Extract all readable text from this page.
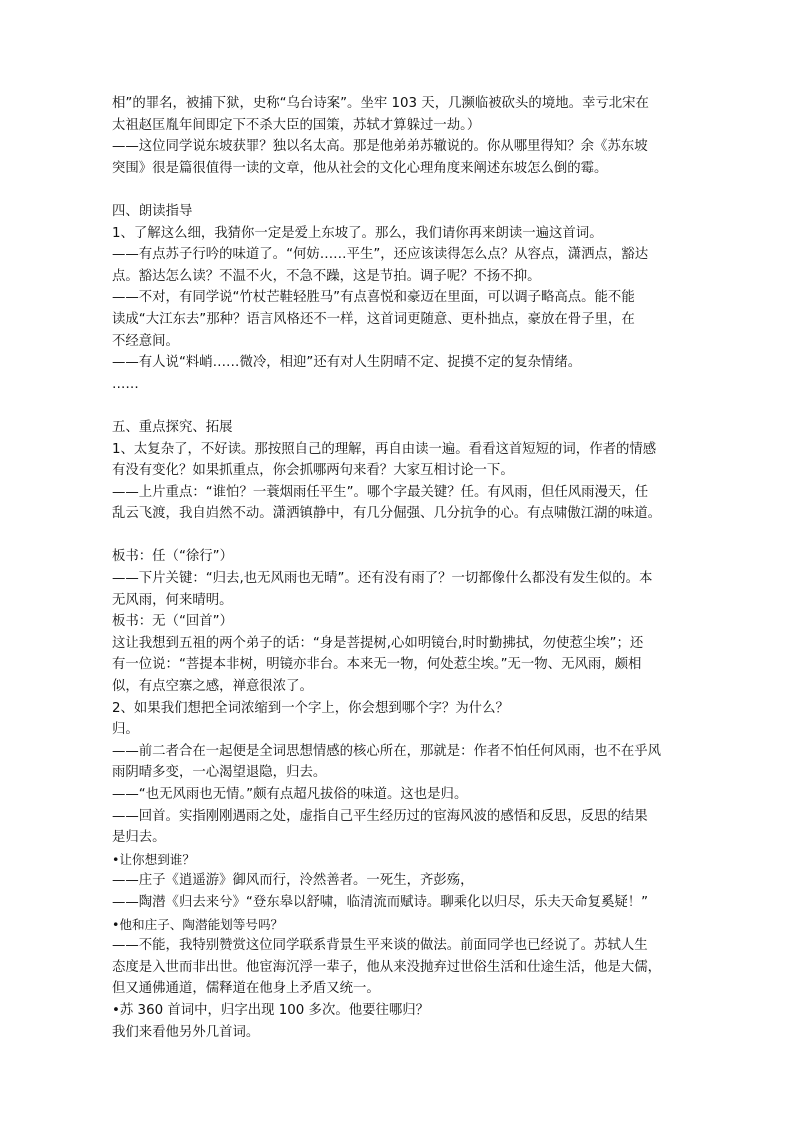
相”的罪名，被捕下狱，史称“乌台诗案”。坐牢 103 天，几濒临被砍头的境地。幸亏北宋在
太祖赵匡胤年间即定下不杀大臣的国策，苏轼才算躲过一劫。）
——这位同学说东坡获罪？独以名太高。那是他弟弟苏辙说的。你从哪里得知？余《苏东坡
突围》很是篇很值得一读的文章，他从社会的文化心理角度来阐述东坡怎么倒的霉。
四、朗读指导
1、了解这么细，我猜你一定是爱上东坡了。那么，我们请你再来朗读一遍这首词。
——有点苏子行吟的味道了。“何妨……平生”，还应该读得怎么点？从容点，潇洒点，豁达
点。豁达怎么读？不温不火，不急不躁，这是节拍。调子呢？不扬不抑。
——不对，有同学说“竹杖芒鞋轻胜马”有点喜悦和豪迈在里面，可以调子略高点。能不能
读成“大江东去”那种？语言风格还不一样，这首词更随意、更朴拙点，豪放在骨子里，在
不经意间。
——有人说“料峭……微冷，相迎”还有对人生阴晴不定、捉摸不定的复杂情绪。
……
五、重点探究、拓展
1、太复杂了，不好读。那按照自己的理解，再自由读一遍。看看这首短短的词，作者的情感
有没有变化？如果抓重点，你会抓哪两句来看？大家互相讨论一下。
——上片重点：“谁怕？一蓑烟雨任平生”。哪个字最关键？任。有风雨，但任风雨漫天，任
乱云飞渡，我自岿然不动。潇洒镇静中，有几分倔强、几分抗争的心。有点啸傲江湖的味道。
板书：任（“徐行”）
——下片关键：“归去,也无风雨也无晴”。还有没有雨了？一切都像什么都没有发生似的。本
无风雨，何来晴明。
板书：无（“回首”）
这让我想到五祖的两个弟子的话：“身是菩提树,心如明镜台,时时勤拂拭，勿使惹尘埃”；还
有一位说：“菩提本非树，明镜亦非台。本来无一物，何处惹尘埃。”无一物、无风雨，颇相
似，有点空寨之感，禅意很浓了。
2、如果我们想把全词浓缩到一个字上，你会想到哪个字？为什么？
归。
——前二者合在一起便是全词思想情感的核心所在，那就是：作者不怕任何风雨，也不在乎风
雨阴晴多变，一心渴望退隐，归去。
——“也无风雨也无情。”颇有点超凡拔俗的味道。这也是归。
——回首。实指刚刚遇雨之处，虚指自己平生经历过的宦海风波的感悟和反思，反思的结果
是归去。
•让你想到谁？
——庄子《逍遥游》御风而行，泠然善者。一死生，齐彭殇，
——陶潜《归去来兮》“登东皋以舒啸，临清流而赋诗。聊乘化以归尽，乐夫天命复奚疑！”
•他和庄子、陶潜能划等号吗？
——不能，我特别赞赏这位同学联系背景生平来谈的做法。前面同学也已经说了。苏轼人生
态度是入世而非出世。他宦海沉浮一辈子，他从来没抛弃过世俗生活和仕途生活，他是大儒，
但又通佛通道，儒释道在他身上矛盾又统一。
•苏 360 首词中，归字出现 100 多次。他要往哪归？
我们来看他另外几首词。
